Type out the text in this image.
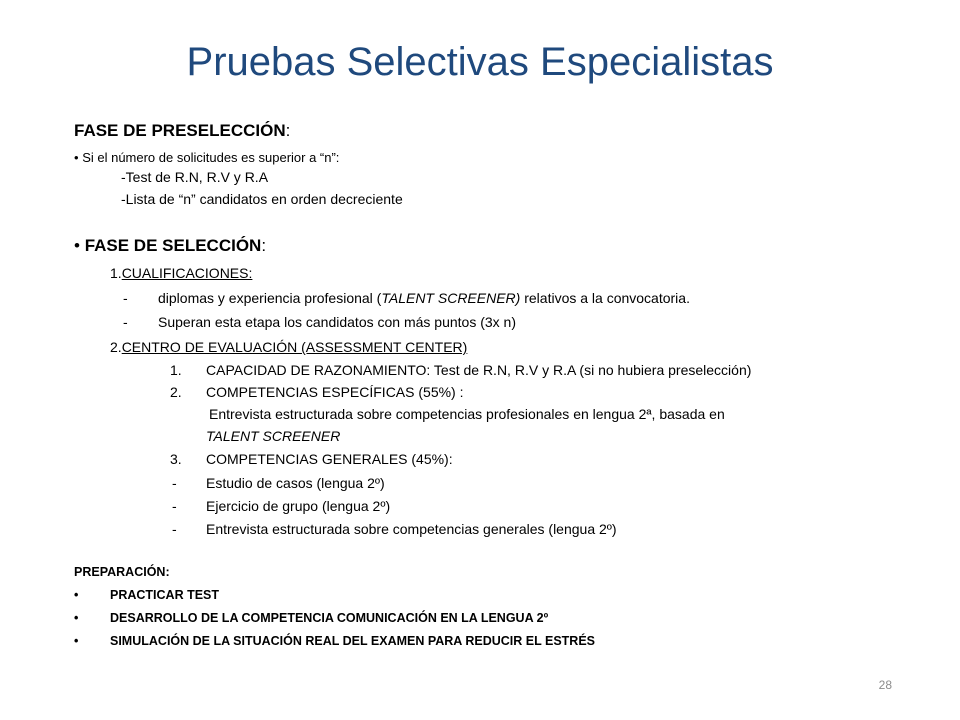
Pruebas Selectivas Especialistas
FASE DE PRESELECCIÓN:
• Si el número de solicitudes es superior a “n”:
-Test de R.N, R.V y R.A
-Lista de “n” candidatos en orden decreciente
• FASE DE SELECCIÓN:
1.CUALIFICACIONES:
- diplomas y experiencia profesional (TALENT SCREENER) relativos a la convocatoria.
- Superan esta etapa los candidatos con más puntos (3x n)
2.CENTRO DE EVALUACIÓN (ASSESSMENT CENTER)
1. CAPACIDAD DE RAZONAMIENTO: Test de R.N, R.V y R.A (si no hubiera preselección)
2. COMPETENCIAS ESPECÍFICAS (55%) :
Entrevista estructurada sobre competencias profesionales en lengua 2ª, basada en
TALENT SCREENER
3. COMPETENCIAS GENERALES (45%):
- Estudio de casos (lengua 2º)
- Ejercicio de grupo (lengua 2º)
- Entrevista estructurada sobre competencias generales (lengua 2º)
PREPARACIÓN:
•	PRACTICAR TEST
•	DESARROLLO DE LA COMPETENCIA COMUNICACIÓN EN LA LENGUA 2º
•	SIMULACIÓN DE LA SITUACIÓN REAL DEL EXAMEN PARA REDUCIR EL ESTRÉS
28
